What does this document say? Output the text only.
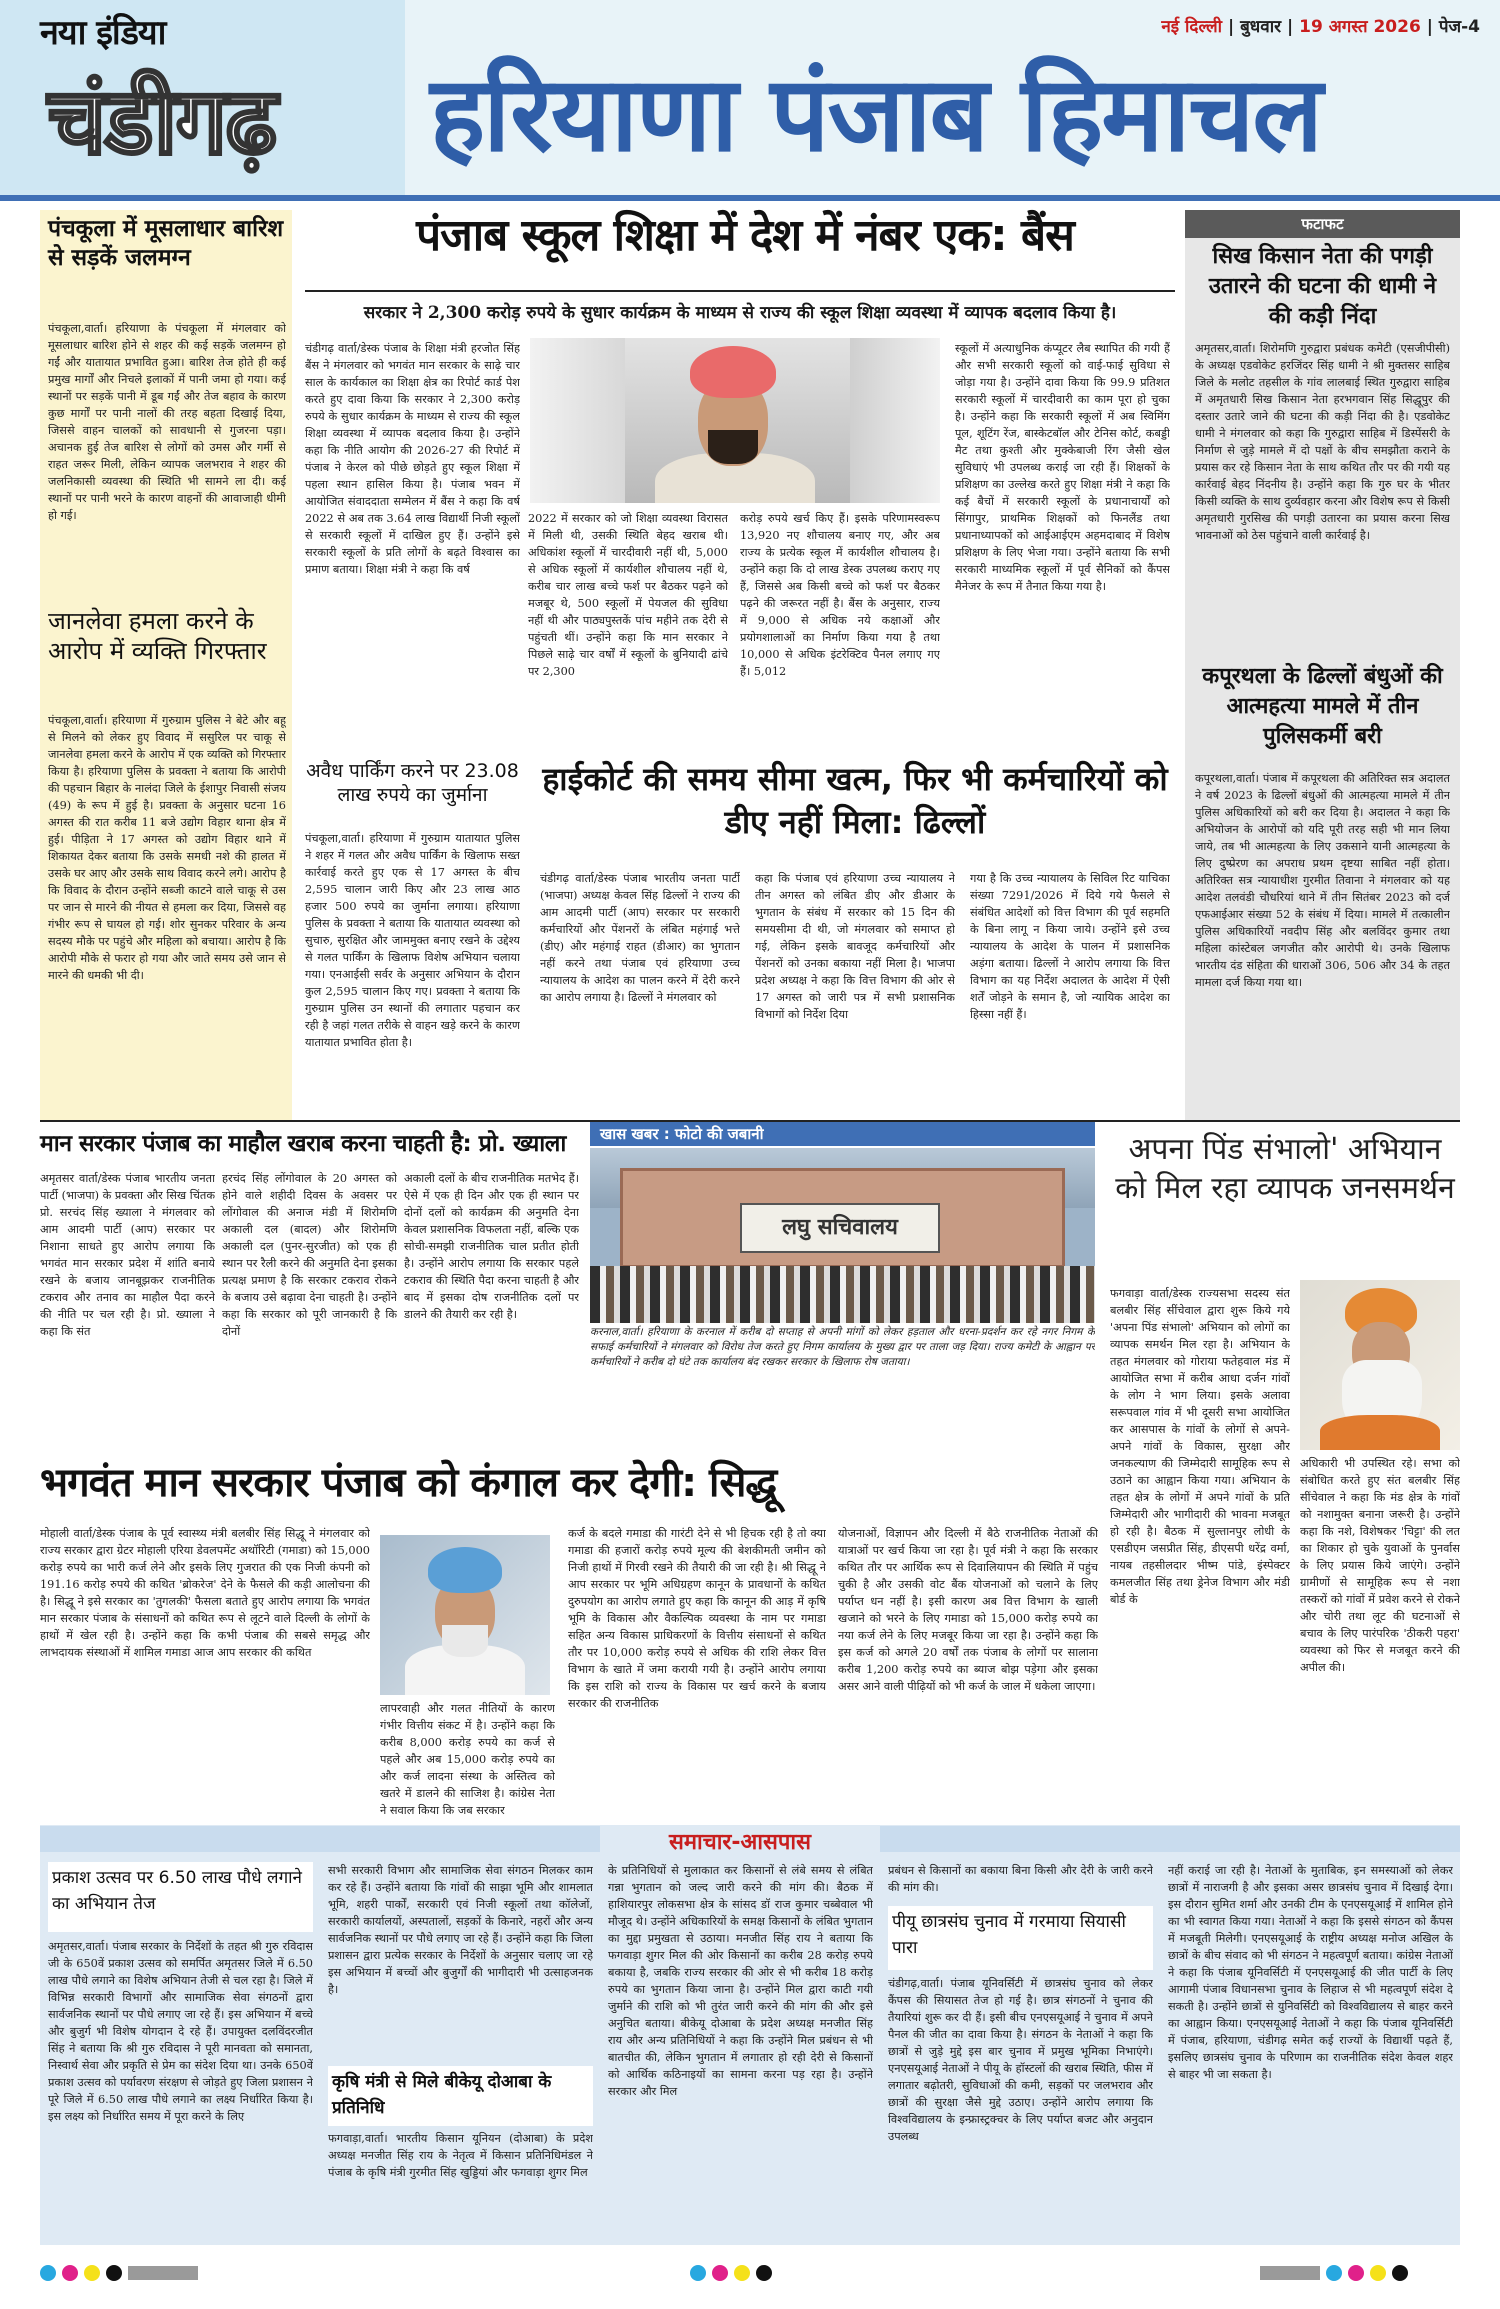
नया इंडिया
चंडीगढ़
नई दिल्ली | बुधवार | 19 अगस्त 2026 | पेज-4
हरियाणा पंजाब हिमाचल
पंचकूला में मूसलाधार बारिश से सड़कें जलमग्न
पंचकूला,वार्ता। हरियाणा के पंचकूला में मंगलवार को मूसलाधार बारिश होने से शहर की कई सड़कें जलमग्न हो गईं और यातायात प्रभावित हुआ। बारिश तेज होते ही कई प्रमुख मार्गों और निचले इलाकों में पानी जमा हो गया। कई स्थानों पर सड़कें पानी में डूब गईं और तेज बहाव के कारण कुछ मार्गों पर पानी नालों की तरह बहता दिखाई दिया, जिससे वाहन चालकों को सावधानी से गुजरना पड़ा। अचानक हुई तेज बारिश से लोगों को उमस और गर्मी से राहत जरूर मिली, लेकिन व्यापक जलभराव ने शहर की जलनिकासी व्यवस्था की स्थिति भी सामने ला दी। कई स्थानों पर पानी भरने के कारण वाहनों की आवाजाही धीमी हो गई।
जानलेवा हमला करने के आरोप में व्यक्ति गिरफ्तार
पंचकूला,वार्ता। हरियाणा में गुरुग्राम पुलिस ने बेटे और बहू से मिलने को लेकर हुए विवाद में ससुरिल पर चाकू से जानलेवा हमला करने के आरोप में एक व्यक्ति को गिरफ्तार किया है। हरियाणा पुलिस के प्रवक्ता ने बताया कि आरोपी की पहचान बिहार के नालंदा जिले के ईशापुर निवासी संजय (49) के रूप में हुई है। प्रवक्ता के अनुसार घटना 16 अगस्त की रात करीब 11 बजे उद्योग विहार थाना क्षेत्र में हुई। पीड़िता ने 17 अगस्त को उद्योग विहार थाने में शिकायत देकर बताया कि उसके समधी नशे की हालत में उसके घर आए और उसके साथ विवाद करने लगे। आरोप है कि विवाद के दौरान उन्होंने सब्जी काटने वाले चाकू से उस पर जान से मारने की नीयत से हमला कर दिया, जिससे वह गंभीर रूप से घायल हो गई। शोर सुनकर परिवार के अन्य सदस्य मौके पर पहुंचे और महिला को बचाया। आरोप है कि आरोपी मौके से फरार हो गया और जाते समय उसे जान से मारने की धमकी भी दी।
पंजाब स्कूल शिक्षा में देश में नंबर एक: बैंस
सरकार ने 2,300 करोड़ रुपये के सुधार कार्यक्रम के माध्यम से राज्य की स्कूल शिक्षा व्यवस्था में व्यापक बदलाव किया है।
चंडीगढ़ वार्ता/डेस्क पंजाब के शिक्षा मंत्री हरजोत सिंह बैंस ने मंगलवार को भगवंत मान सरकार के साढ़े चार साल के कार्यकाल का शिक्षा क्षेत्र का रिपोर्ट कार्ड पेश करते हुए दावा किया कि सरकार ने 2,300 करोड़ रुपये के सुधार कार्यक्रम के माध्यम से राज्य की स्कूल शिक्षा व्यवस्था में व्यापक बदलाव किया है। उन्होंने कहा कि नीति आयोग की 2026-27 की रिपोर्ट में पंजाब ने केरल को पीछे छोड़ते हुए स्कूल शिक्षा में पहला स्थान हासिल किया है। पंजाब भवन में आयोजित संवाददाता सम्मेलन में बैंस ने कहा कि वर्ष 2022 से अब तक 3.64 लाख विद्यार्थी निजी स्कूलों से सरकारी स्कूलों में दाखिल हुए हैं। उन्होंने इसे सरकारी स्कूलों के प्रति लोगों के बढ़ते विश्वास का प्रमाण बताया। शिक्षा मंत्री ने कहा कि वर्ष
2022 में सरकार को जो शिक्षा व्यवस्था विरासत में मिली थी, उसकी स्थिति बेहद खराब थी। अधिकांश स्कूलों में चारदीवारी नहीं थी, 5,000 से अधिक स्कूलों में कार्यशील शौचालय नहीं थे, करीब चार लाख बच्चे फर्श पर बैठकर पढ़ने को मजबूर थे, 500 स्कूलों में पेयजल की सुविधा नहीं थी और पाठ्यपुस्तकें पांच महीने तक देरी से पहुंचती थीं। उन्होंने कहा कि मान सरकार ने पिछले साढ़े चार वर्षों में स्कूलों के बुनियादी ढांचे पर 2,300
करोड़ रुपये खर्च किए हैं। इसके परिणामस्वरूप 13,920 नए शौचालय बनाए गए, और अब राज्य के प्रत्येक स्कूल में कार्यशील शौचालय है। उन्होंने कहा कि दो लाख डेस्क उपलब्ध कराए गए हैं, जिससे अब किसी बच्चे को फर्श पर बैठकर पढ़ने की जरूरत नहीं है। बैंस के अनुसार, राज्य में 9,000 से अधिक नये कक्षाओं और प्रयोगशालाओं का निर्माण किया गया है तथा 10,000 से अधिक इंटरेक्टिव पैनल लगाए गए हैं। 5,012
स्कूलों में अत्याधुनिक कंप्यूटर लैब स्थापित की गयी हैं और सभी सरकारी स्कूलों को वाई-फाई सुविधा से जोड़ा गया है। उन्होंने दावा किया कि 99.9 प्रतिशत सरकारी स्कूलों में चारदीवारी का काम पूरा हो चुका है। उन्होंने कहा कि सरकारी स्कूलों में अब स्विमिंग पूल, शूटिंग रेंज, बास्केटबॉल और टेनिस कोर्ट, कबड्डी मैट तथा कुश्ती और मुक्केबाजी रिंग जैसी खेल सुविधाएं भी उपलब्ध कराई जा रही हैं। शिक्षकों के प्रशिक्षण का उल्लेख करते हुए शिक्षा मंत्री ने कहा कि कई बैचों में सरकारी स्कूलों के प्रधानाचार्यों को सिंगापुर, प्राथमिक शिक्षकों को फिनलैंड तथा प्रधानाध्यापकों को आईआईएम अहमदाबाद में विशेष प्रशिक्षण के लिए भेजा गया। उन्होंने बताया कि सभी सरकारी माध्यमिक स्कूलों में पूर्व सैनिकों को कैंपस मैनेजर के रूप में तैनात किया गया है।
अवैध पार्किंग करने पर 23.08 लाख रुपये का जुर्माना
पंचकूला,वार्ता। हरियाणा में गुरुग्राम यातायात पुलिस ने शहर में गलत और अवैध पार्किंग के खिलाफ सख्त कार्रवाई करते हुए एक से 17 अगस्त के बीच 2,595 चालान जारी किए और 23 लाख आठ हजार 500 रुपये का जुर्माना लगाया। हरियाणा पुलिस के प्रवक्ता ने बताया कि यातायात व्यवस्था को सुचारु, सुरक्षित और जाममुक्त बनाए रखने के उद्देश्य से गलत पार्किंग के खिलाफ विशेष अभियान चलाया गया। एनआईसी सर्वर के अनुसार अभियान के दौरान कुल 2,595 चालान किए गए। प्रवक्ता ने बताया कि गुरुग्राम पुलिस उन स्थानों की लगातार पहचान कर रही है जहां गलत तरीके से वाहन खड़े करने के कारण यातायात प्रभावित होता है।
हाईकोर्ट की समय सीमा खत्म, फिर भी कर्मचारियों को डीए नहीं मिला: ढिल्लों
चंडीगढ़ वार्ता/डेस्क पंजाब भारतीय जनता पार्टी (भाजपा) अध्यक्ष केवल सिंह ढिल्लों ने राज्य की आम आदमी पार्टी (आप) सरकार पर सरकारी कर्मचारियों और पेंशनरों के लंबित महंगाई भत्ते (डीए) और महंगाई राहत (डीआर) का भुगतान नहीं करने तथा पंजाब एवं हरियाणा उच्च न्यायालय के आदेश का पालन करने में देरी करने का आरोप लगाया है। ढिल्लों ने मंगलवार को
कहा कि पंजाब एवं हरियाणा उच्च न्यायालय ने तीन अगस्त को लंबित डीए और डीआर के भुगतान के संबंध में सरकार को 15 दिन की समयसीमा दी थी, जो मंगलवार को समाप्त हो गई, लेकिन इसके बावजूद कर्मचारियों और पेंशनरों को उनका बकाया नहीं मिला है। भाजपा प्रदेश अध्यक्ष ने कहा कि वित्त विभाग की ओर से 17 अगस्त को जारी पत्र में सभी प्रशासनिक विभागों को निर्देश दिया
गया है कि उच्च न्यायालय के सिविल रिट याचिका संख्या 7291/2026 में दिये गये फैसले से संबंधित आदेशों को वित्त विभाग की पूर्व सहमति के बिना लागू न किया जाये। उन्होंने इसे उच्च न्यायालय के आदेश के पालन में प्रशासनिक अड़ंगा बताया। ढिल्लों ने आरोप लगाया कि वित्त विभाग का यह निर्देश अदालत के आदेश में ऐसी शर्तें जोड़ने के समान है, जो न्यायिक आदेश का हिस्सा नहीं हैं।
फटाफट
सिख किसान नेता की पगड़ी उतारने की घटना की धामी ने की कड़ी निंदा
अमृतसर,वार्ता। शिरोमणि गुरुद्वारा प्रबंधक कमेटी (एसजीपीसी) के अध्यक्ष एडवोकेट हरजिंदर सिंह धामी ने श्री मुक्तसर साहिब जिले के मलोट तहसील के गांव लालबाई स्थित गुरुद्वारा साहिब में अमृतधारी सिख किसान नेता हरभगवान सिंह सिद्धूपुर की दस्तार उतारे जाने की घटना की कड़ी निंदा की है। एडवोकेट धामी ने मंगलवार को कहा कि गुरुद्वारा साहिब में डिस्पेंसरी के निर्माण से जुड़े मामले में दो पक्षों के बीच समझौता कराने के प्रयास कर रहे किसान नेता के साथ कथित तौर पर की गयी यह कार्रवाई बेहद निंदनीय है। उन्होंने कहा कि गुरु घर के भीतर किसी व्यक्ति के साथ दुर्व्यवहार करना और विशेष रूप से किसी अमृतधारी गुरसिख की पगड़ी उतारना का प्रयास करना सिख भावनाओं को ठेस पहुंचाने वाली कार्रवाई है।
कपूरथला के ढिल्लों बंधुओं की आत्महत्या मामले में तीन पुलिसकर्मी बरी
कपूरथला,वार्ता। पंजाब में कपूरथला की अतिरिक्त सत्र अदालत ने वर्ष 2023 के ढिल्लों बंधुओं की आत्महत्या मामले में तीन पुलिस अधिकारियों को बरी कर दिया है। अदालत ने कहा कि अभियोजन के आरोपों को यदि पूरी तरह सही भी मान लिया जाये, तब भी आत्महत्या के लिए उकसाने यानी आत्महत्या के लिए दुष्प्रेरण का अपराध प्रथम दृष्टया साबित नहीं होता। अतिरिक्त सत्र न्यायाधीश गुरमीत तिवाना ने मंगलवार को यह आदेश तलवंडी चौधरियां थाने में तीन सितंबर 2023 को दर्ज एफआईआर संख्या 52 के संबंध में दिया। मामले में तत्कालीन पुलिस अधिकारियों नवदीप सिंह और बलविंदर कुमार तथा महिला कांस्टेबल जगजीत कौर आरोपी थे। उनके खिलाफ भारतीय दंड संहिता की धाराओं 306, 506 और 34 के तहत मामला दर्ज किया गया था।
मान सरकार पंजाब का माहौल खराब करना चाहती है: प्रो. ख्याला
अमृतसर वार्ता/डेस्क पंजाब भारतीय जनता पार्टी (भाजपा) के प्रवक्ता और सिख चिंतक प्रो. सरचंद सिंह ख्याला ने मंगलवार को आम आदमी पार्टी (आप) सरकार पर निशाना साधते हुए आरोप लगाया कि भगवंत मान सरकार प्रदेश में शांति बनाये रखने के बजाय जानबूझकर राजनीतिक टकराव और तनाव का माहौल पैदा करने की नीति पर चल रही है। प्रो. ख्याला ने कहा कि संत
हरचंद सिंह लोंगोवाल के 20 अगस्त को होने वाले शहीदी दिवस के अवसर पर लोंगोवाल की अनाज मंडी में शिरोमणि अकाली दल (बादल) और शिरोमणि अकाली दल (पुनर-सुरजीत) को एक ही स्थान पर रैली करने की अनुमति देना इसका प्रत्यक्ष प्रमाण है कि सरकार टकराव रोकने के बजाय उसे बढ़ावा देना चाहती है। उन्होंने कहा कि सरकार को पूरी जानकारी है कि दोनों
अकाली दलों के बीच राजनीतिक मतभेद हैं। ऐसे में एक ही दिन और एक ही स्थान पर दोनों दलों को कार्यक्रम की अनुमति देना केवल प्रशासनिक विफलता नहीं, बल्कि एक सोची-समझी राजनीतिक चाल प्रतीत होती है। उन्होंने आरोप लगाया कि सरकार पहले टकराव की स्थिति पैदा करना चाहती है और बाद में इसका दोष राजनीतिक दलों पर डालने की तैयारी कर रही है।
खास खबर : फोटो की जबानी
लघु सचिवालय
करनाल,वार्ता। हरियाणा के करनाल में करीब दो सप्ताह से अपनी मांगों को लेकर हड़ताल और धरना-प्रदर्शन कर रहे नगर निगम के सफाई कर्मचारियों ने मंगलवार को विरोध तेज करते हुए निगम कार्यालय के मुख्य द्वार पर ताला जड़ दिया। राज्य कमेटी के आह्वान पर कर्मचारियों ने करीब दो घंटे तक कार्यालय बंद रखकर सरकार के खिलाफ रोष जताया।
अपना पिंड संभालो' अभियान को मिल रहा व्यापक जनसमर्थन
फगवाड़ा वार्ता/डेस्क राज्यसभा सदस्य संत बलबीर सिंह सींचेवाल द्वारा शुरू किये गये 'अपना पिंड संभालो' अभियान को लोगों का व्यापक समर्थन मिल रहा है। अभियान के तहत मंगलवार को गोराया फतेहवाल मंड में आयोजित सभा में करीब आधा दर्जन गांवों के लोग ने भाग लिया। इसके अलावा सरूपवाल गांव में भी दूसरी सभा आयोजित कर आसपास के गांवों के लोगों से अपने-अपने गांवों के विकास, सुरक्षा और जनकल्याण की जिम्मेदारी सामूहिक रूप से उठाने का आह्वान किया गया। अभियान के तहत क्षेत्र के लोगों में अपने गांवों के प्रति जिम्मेदारी और भागीदारी की भावना मजबूत हो रही है। बैठक में सुल्तानपुर लोधी के एसडीएम जसप्रीत सिंह, डीएसपी धरेंद्र वर्मा, नायब तहसीलदार भीष्म पांडे, इंस्पेक्टर कमलजीत सिंह तथा ड्रेनेज विभाग और मंडी बोर्ड के
अधिकारी भी उपस्थित रहे। सभा को संबोधित करते हुए संत बलबीर सिंह सींचेवाल ने कहा कि मंड क्षेत्र के गांवों को नशामुक्त बनाना जरूरी है। उन्होंने कहा कि नशे, विशेषकर 'चिट्टा' की लत का शिकार हो चुके युवाओं के पुनर्वास के लिए प्रयास किये जाएंगे। उन्होंने ग्रामीणों से सामूहिक रूप से नशा तस्करों को गांवों में प्रवेश करने से रोकने और चोरी तथा लूट की घटनाओं से बचाव के लिए पारंपरिक 'ठीकरी पहरा' व्यवस्था को फिर से मजबूत करने की अपील की।
भगवंत मान सरकार पंजाब को कंगाल कर देगी: सिद्धू
मोहाली वार्ता/डेस्क पंजाब के पूर्व स्वास्थ्य मंत्री बलबीर सिंह सिद्धू ने मंगलवार को राज्य सरकार द्वारा ग्रेटर मोहाली एरिया डेवलपमेंट अथॉरिटी (गमाडा) को 15,000 करोड़ रुपये का भारी कर्ज लेने और इसके लिए गुजरात की एक निजी कंपनी को 191.16 करोड़ रुपये की कथित 'ब्रोकरेज' देने के फैसले की कड़ी आलोचना की है। सिद्धू ने इसे सरकार का 'तुगलकी' फैसला बताते हुए आरोप लगाया कि भगवंत मान सरकार पंजाब के संसाधनों को कथित रूप से लूटने वाले दिल्ली के लोगों के हाथों में खेल रही है। उन्होंने कहा कि कभी पंजाब की सबसे समृद्ध और लाभदायक संस्थाओं में शामिल गमाडा आज आप सरकार की कथित
लापरवाही और गलत नीतियों के कारण गंभीर वित्तीय संकट में है। उन्होंने कहा कि करीब 8,000 करोड़ रुपये का कर्ज से पहले और अब 15,000 करोड़ रुपये का और कर्ज लादना संस्था के अस्तित्व को खतरे में डालने की साजिश है। कांग्रेस नेता ने सवाल किया कि जब सरकार
कर्ज के बदले गमाडा की गारंटी देने से भी हिचक रही है तो क्या गमाडा की हजारों करोड़ रुपये मूल्य की बेशकीमती जमीन को निजी हाथों में गिरवी रखने की तैयारी की जा रही है। श्री सिद्धू ने आप सरकार पर भूमि अधिग्रहण कानून के प्रावधानों के कथित दुरुपयोग का आरोप लगाते हुए कहा कि कानून की आड़ में कृषि भूमि के विकास और वैकल्पिक व्यवस्था के नाम पर गमाडा सहित अन्य विकास प्राधिकरणों के वित्तीय संसाधनों से कथित तौर पर 10,000 करोड़ रुपये से अधिक की राशि लेकर वित्त विभाग के खाते में जमा करायी गयी है। उन्होंने आरोप लगाया कि इस राशि को राज्य के विकास पर खर्च करने के बजाय सरकार की राजनीतिक
योजनाओं, विज्ञापन और दिल्ली में बैठे राजनीतिक नेताओं की यात्राओं पर खर्च किया जा रहा है। पूर्व मंत्री ने कहा कि सरकार कथित तौर पर आर्थिक रूप से दिवालियापन की स्थिति में पहुंच चुकी है और उसकी वोट बैंक योजनाओं को चलाने के लिए पर्याप्त धन नहीं है। इसी कारण अब वित्त विभाग के खाली खजाने को भरने के लिए गमाडा को 15,000 करोड़ रुपये का नया कर्ज लेने के लिए मजबूर किया जा रहा है। उन्होंने कहा कि इस कर्ज को अगले 20 वर्षों तक पंजाब के लोगों पर सालाना करीब 1,200 करोड़ रुपये का ब्याज बोझ पड़ेगा और इसका असर आने वाली पीढ़ियों को भी कर्ज के जाल में धकेला जाएगा।
समाचार-आसपास
प्रकाश उत्सव पर 6.50 लाख पौधे लगाने का अभियान तेज
अमृतसर,वार्ता। पंजाब सरकार के निर्देशों के तहत श्री गुरु रविदास जी के 650वें प्रकाश उत्सव को समर्पित अमृतसर जिले में 6.50 लाख पौधे लगाने का विशेष अभियान तेजी से चल रहा है। जिले में विभिन्न सरकारी विभागों और सामाजिक सेवा संगठनों द्वारा सार्वजनिक स्थानों पर पौधे लगाए जा रहे हैं। इस अभियान में बच्चे और बुजुर्ग भी विशेष योगदान दे रहे हैं। उपायुक्त दलविंदरजीत सिंह ने बताया कि श्री गुरु रविदास ने पूरी मानवता को समानता, निस्वार्थ सेवा और प्रकृति से प्रेम का संदेश दिया था। उनके 650वें प्रकाश उत्सव को पर्यावरण संरक्षण से जोड़ते हुए जिला प्रशासन ने पूरे जिले में 6.50 लाख पौधे लगाने का लक्ष्य निर्धारित किया है। इस लक्ष्य को निर्धारित समय में पूरा करने के लिए
सभी सरकारी विभाग और सामाजिक सेवा संगठन मिलकर काम कर रहे हैं। उन्होंने बताया कि गांवों की साझा भूमि और शामलात भूमि, शहरी पार्कों, सरकारी एवं निजी स्कूलों तथा कॉलेजों, सरकारी कार्यालयों, अस्पतालों, सड़कों के किनारे, नहरों और अन्य सार्वजनिक स्थानों पर पौधे लगाए जा रहे हैं। उन्होंने कहा कि जिला प्रशासन द्वारा प्रत्येक सरकार के निर्देशों के अनुसार चलाए जा रहे इस अभियान में बच्चों और बुजुर्गों की भागीदारी भी उत्साहजनक है।
कृषि मंत्री से मिले बीकेयू दोआबा के प्रतिनिधि
फगवाड़ा,वार्ता। भारतीय किसान यूनियन (दोआबा) के प्रदेश अध्यक्ष मनजीत सिंह राय के नेतृत्व में किसान प्रतिनिधिमंडल ने पंजाब के कृषि मंत्री गुरमीत सिंह खुड्डियां और फगवाड़ा शुगर मिल
के प्रतिनिधियों से मुलाकात कर किसानों से लंबे समय से लंबित गन्ना भुगतान को जल्द जारी करने की मांग की। बैठक में हाशियारपुर लोकसभा क्षेत्र के सांसद डॉ राज कुमार चब्बेवाल भी मौजूद थे। उन्होंने अधिकारियों के समक्ष किसानों के लंबित भुगतान का मुद्दा प्रमुखता से उठाया। मनजीत सिंह राय ने बताया कि फगवाड़ा शुगर मिल की ओर किसानों का करीब 28 करोड़ रुपये बकाया है, जबकि राज्य सरकार की ओर से भी करीब 18 करोड़ रुपये का भुगतान किया जाना है। उन्होंने मिल द्वारा काटी गयी जुर्माने की राशि को भी तुरंत जारी करने की मांग की और इसे अनुचित बताया। बीकेयू दोआबा के प्रदेश अध्यक्ष मनजीत सिंह राय और अन्य प्रतिनिधियों ने कहा कि उन्होंने मिल प्रबंधन से भी बातचीत की, लेकिन भुगतान में लगातार हो रही देरी से किसानों को आर्थिक कठिनाइयों का सामना करना पड़ रहा है। उन्होंने सरकार और मिल
प्रबंधन से किसानों का बकाया बिना किसी और देरी के जारी करने की मांग की।
पीयू छात्रसंघ चुनाव में गरमाया सियासी पारा
चंडीगढ़,वार्ता। पंजाब यूनिवर्सिटी में छात्रसंघ चुनाव को लेकर कैंपस की सियासत तेज हो गई है। छात्र संगठनों ने चुनाव की तैयारियां शुरू कर दी हैं। इसी बीच एनएसयूआई ने चुनाव में अपने पैनल की जीत का दावा किया है। संगठन के नेताओं ने कहा कि छात्रों से जुड़े मुद्दे इस बार चुनाव में प्रमुख भूमिका निभाएंगे। एनएसयूआई नेताओं ने पीयू के हॉस्टलों की खराब स्थिति, फीस में लगातार बढ़ोतरी, सुविधाओं की कमी, सड़कों पर जलभराव और छात्रों की सुरक्षा जैसे मुद्दे उठाए। उन्होंने आरोप लगाया कि विश्वविद्यालय के इन्फ्रास्ट्रक्चर के लिए पर्याप्त बजट और अनुदान उपलब्ध
नहीं कराई जा रही है। नेताओं के मुताबिक, इन समस्याओं को लेकर छात्रों में नाराजगी है और इसका असर छात्रसंघ चुनाव में दिखाई देगा। इस दौरान सुमित शर्मा और उनकी टीम के एनएसयूआई में शामिल होने का भी स्वागत किया गया। नेताओं ने कहा कि इससे संगठन को कैंपस में मजबूती मिलेगी। एनएसयूआई के राष्ट्रीय अध्यक्ष मनोज अखिल के छात्रों के बीच संवाद को भी संगठन ने महत्वपूर्ण बताया। कांग्रेस नेताओं ने कहा कि पंजाब यूनिवर्सिटी में एनएसयूआई की जीत पार्टी के लिए आगामी पंजाब विधानसभा चुनाव के लिहाज से भी महत्वपूर्ण संदेश दे सकती है। उन्होंने छात्रों से युनिवर्सिटी को विश्वविद्यालय से बाहर करने का आह्वान किया। एनएसयूआई नेताओं ने कहा कि पंजाब यूनिवर्सिटी में पंजाब, हरियाणा, चंडीगढ़ समेत कई राज्यों के विद्यार्थी पढ़ते हैं, इसलिए छात्रसंघ चुनाव के परिणाम का राजनीतिक संदेश केवल शहर से बाहर भी जा सकता है।
